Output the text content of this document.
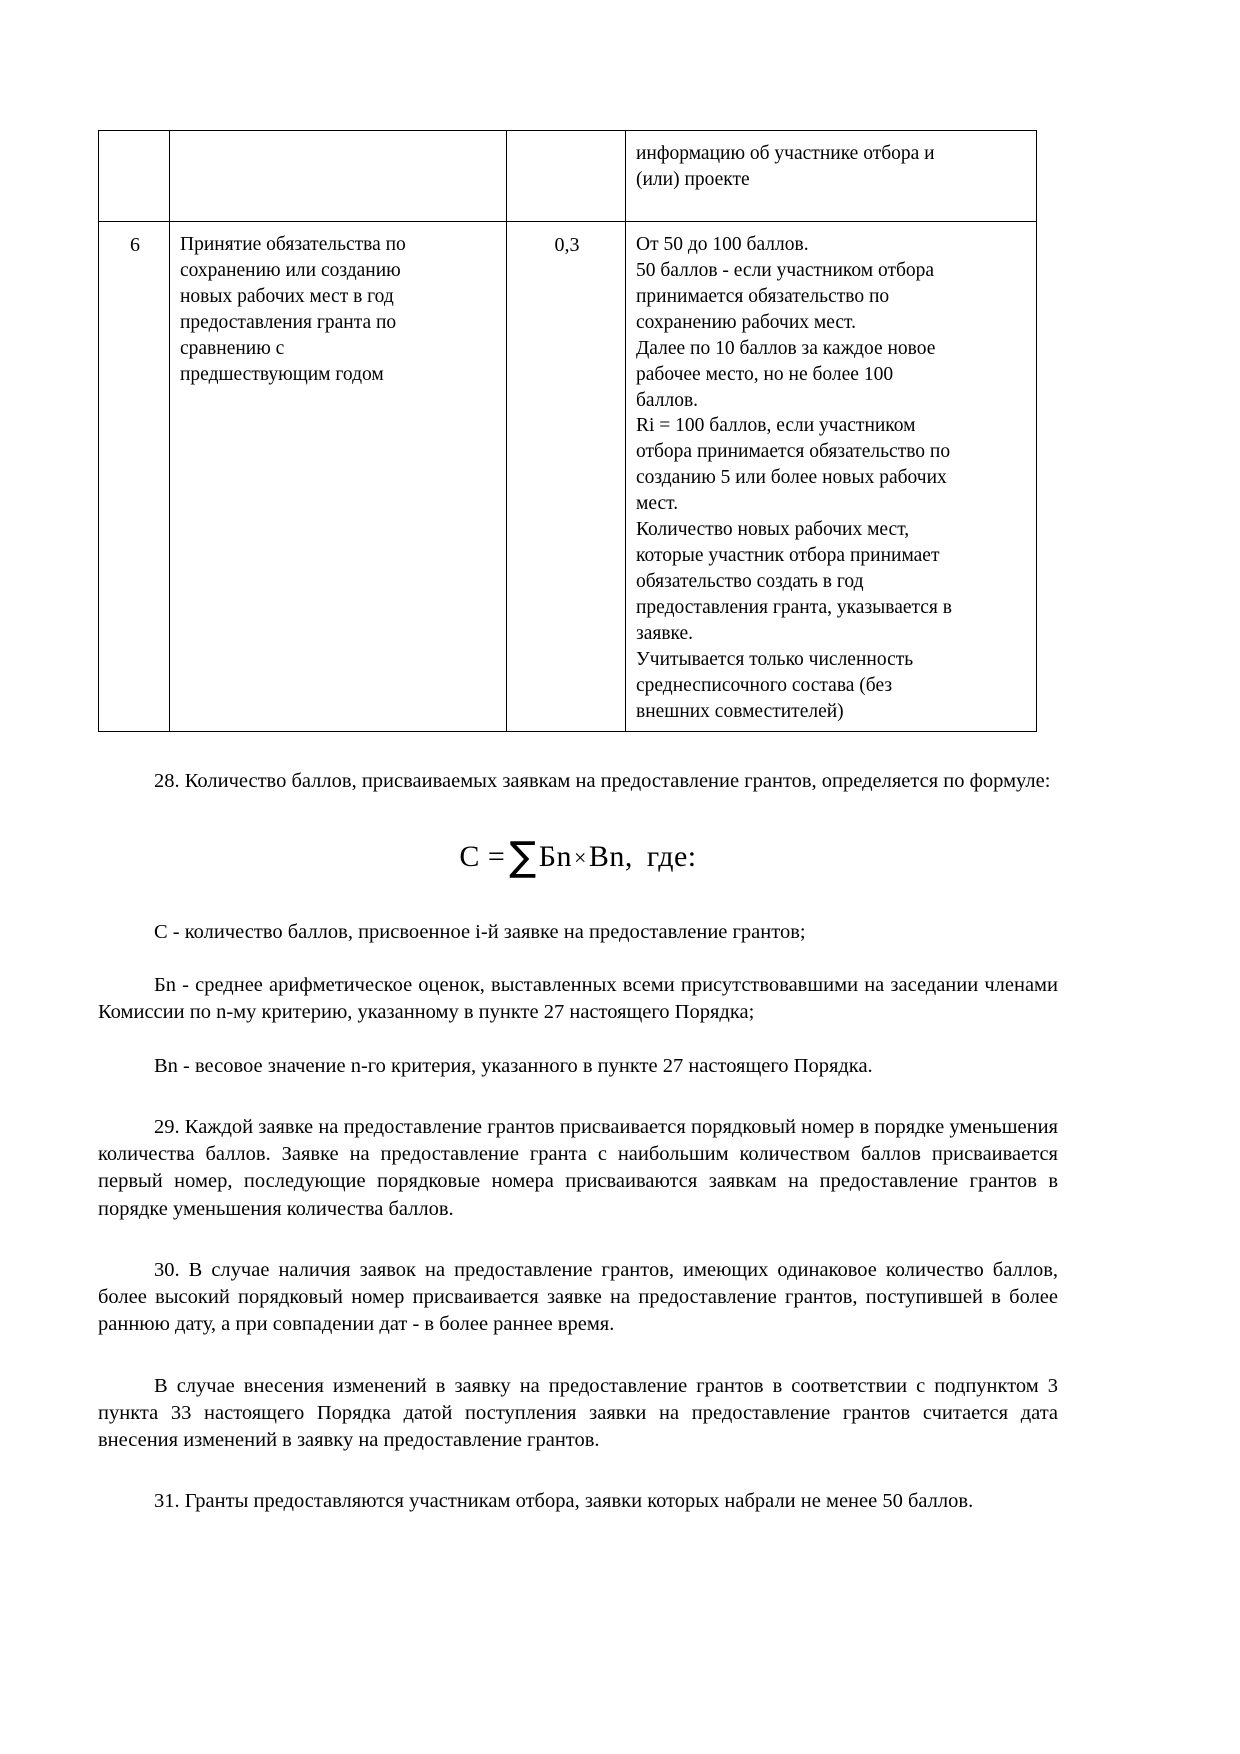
			информацию об участнике отбора и
(или) проекте

6	Принятие обязательства по
сохранению или созданию
новых рабочих мест в год
предоставления гранта по
сравнению с
предшествующим годом
	0,3	От 50 до 100 баллов.
50 баллов - если участником отбора
принимается обязательство по
сохранению рабочих мест.
Далее по 10 баллов за каждое новое
рабочее место, но не более 100
баллов.
Ri = 100 баллов, если участником
отбора принимается обязательство по
созданию 5 или более новых рабочих
мест.
Количество новых рабочих мест,
которые участник отбора принимает
обязательство создать в год
предоставления гранта, указывается в
заявке.
Учитывается только численность
среднесписочного состава (без
внешних совместителей)

28. Количество баллов, присваиваемых заявкам на предоставление грантов, определяется по формуле:

C = ∑Бn×Bn, где:

C - количество баллов, присвоенное i-й заявке на предоставление грантов;

Бn - среднее арифметическое оценок, выставленных всеми присутствовавшими на заседании членами Комиссии по n-му критерию, указанному в пункте 27 настоящего Порядка;

Bn - весовое значение n-го критерия, указанного в пункте 27 настоящего Порядка.

29. Каждой заявке на предоставление грантов присваивается порядковый номер в порядке уменьшения количества баллов. Заявке на предоставление гранта с наибольшим количеством баллов присваивается первый номер, последующие порядковые номера присваиваются заявкам на предоставление грантов в порядке уменьшения количества баллов.

30. В случае наличия заявок на предоставление грантов, имеющих одинаковое количество баллов, более высокий порядковый номер присваивается заявке на предоставление грантов, поступившей в более раннюю дату, а при совпадении дат - в более раннее время.

В случае внесения изменений в заявку на предоставление грантов в соответствии с подпунктом 3 пункта 33 настоящего Порядка датой поступления заявки на предоставление грантов считается дата внесения изменений в заявку на предоставление грантов.

31. Гранты предоставляются участникам отбора, заявки которых набрали не менее 50 баллов.
